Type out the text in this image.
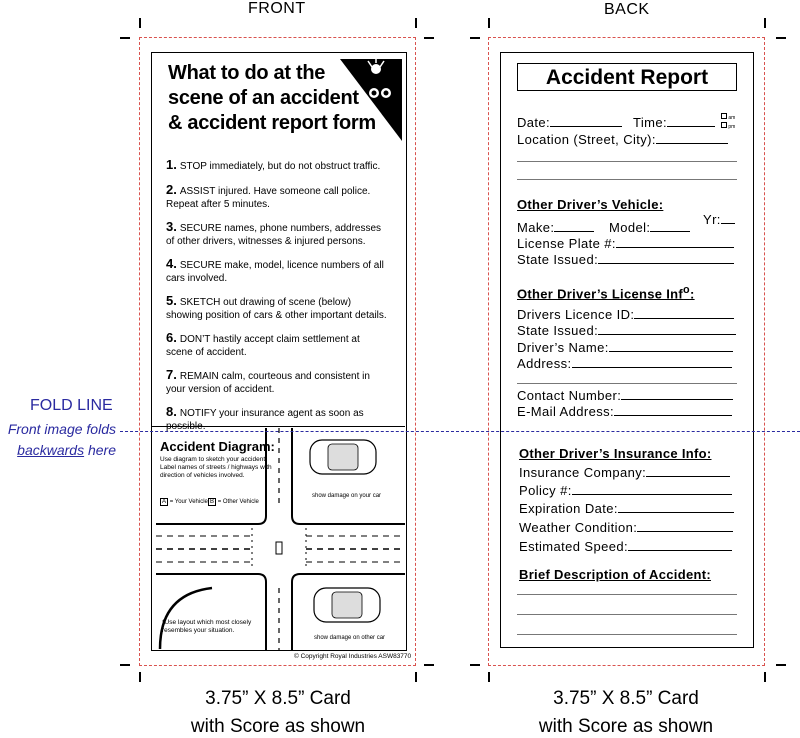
FRONT	BACK
What to do at the
scene of an accident
& accident report form
1. STOP immediately, but do not obstruct traffic.
2. ASSIST injured. Have someone call police. Repeat after 5 minutes.
3. SECURE names, phone numbers, addresses of other drivers, witnesses & injured persons.
4. SECURE make, model, licence numbers of all cars involved.
5. SKETCH out drawing of scene (below) showing position of cars & other important details.
6. DON’T hastily accept claim settlement at scene of accident.
7. REMAIN calm, courteous and consistent in your version of accident.
8. NOTIFY your insurance agent as soon as possible.
Accident Diagram:
Use diagram to sketch your accident. Label names of streets / highways with direction of vehicles involved.
A = Your Vehicle B = Other Vehicle
show damage on your car
show damage on other car
*Use layout which most closely resembles your situation.
© Copyright Royal Industries ASW83770
Accident Report
Date:	Time:	am
pm
Location (Street, City):
Other Driver’s Vehicle:
Make:	Model:
Yr:
License Plate #:
State Issued:
Other Driver’s License Inf$^o$:
Drivers Licence ID:
State Issued:
Driver’s Name:
Address:
Contact Number:
E-Mail Address:
Other Driver’s Insurance Info:
Insurance Company:
Policy #:
Expiration Date:
Weather Condition:
Estimated Speed:
Brief Description of Accident:
FOLD LINE
Front image folds
backwards here
3.75” X 8.5” Card
with Score as shown
3.75” X 8.5” Card
with Score as shown
